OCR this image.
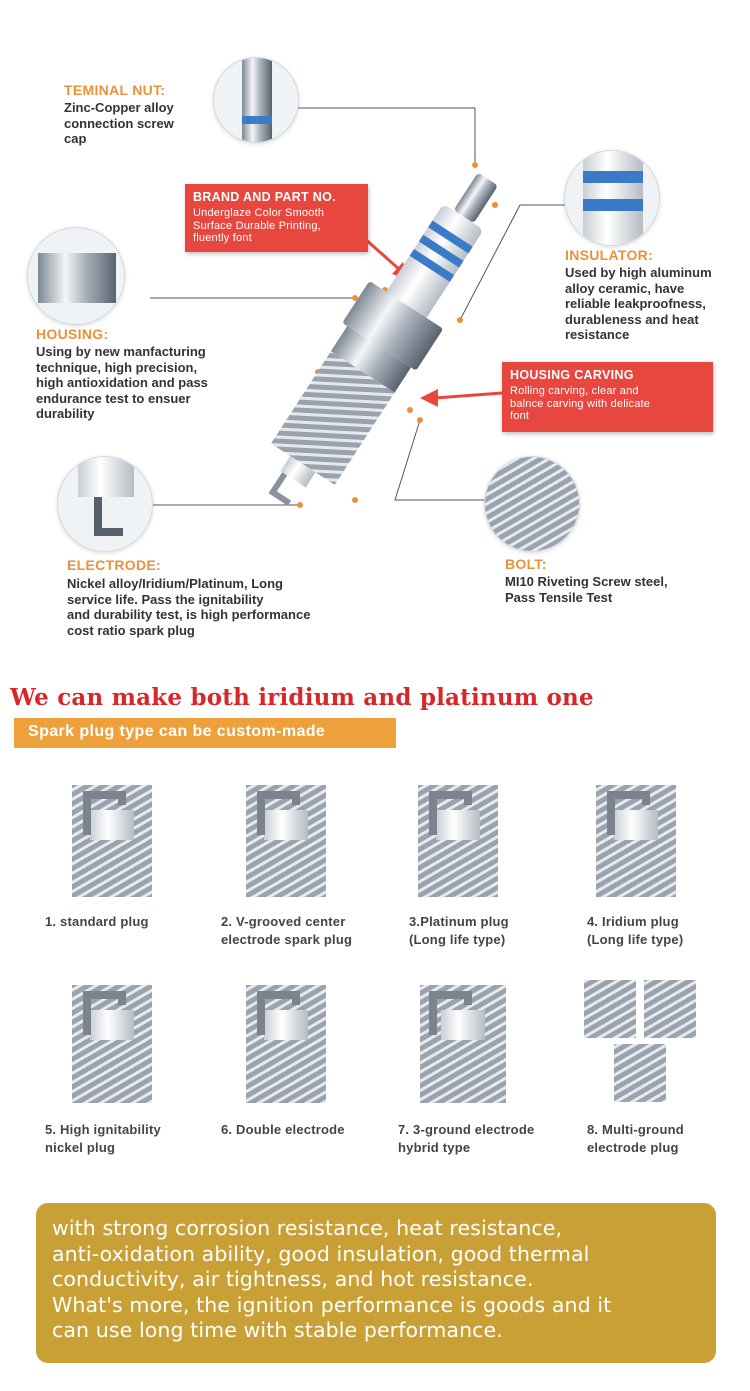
TEMINAL NUT:
Zinc-Copper alloy
connection screw
cap
BRAND AND PART NO.
Underglaze Color Smooth
Surface Durable Printing,
fluently font
INSULATOR:
Used by high aluminum
alloy ceramic, have
reliable leakproofness,
durableness and heat
resistance
HOUSING:
Using by new manfacturing
technique, high precision,
high antioxidation and pass
endurance test to ensuer
durability
HOUSING CARVING
Rolling carving, clear and
balnce carving with delicate
font
ELECTRODE:
Nickel alloy/Iridium/Platinum, Long
service life. Pass the ignitability
and durability test, is high performance
cost ratio spark plug
BOLT:
MI10 Riveting Screw steel,
Pass Tensile Test
We can make both iridium and platinum one
Spark plug type can be custom-made
1. standard plug	2. V-grooved center
electrode spark plug
3.Platinum plug
(Long life type)
4. Iridium plug
(Long life type)
5. High ignitability
nickel plug
6. Double electrode	7. 3-ground electrode
hybrid type
8. Multi-ground
electrode plug
with strong corrosion resistance, heat resistance,
anti-oxidation ability, good insulation, good thermal
conductivity, air tightness, and hot resistance.
What's more, the ignition performance is goods and it
can use long time with stable performance.
